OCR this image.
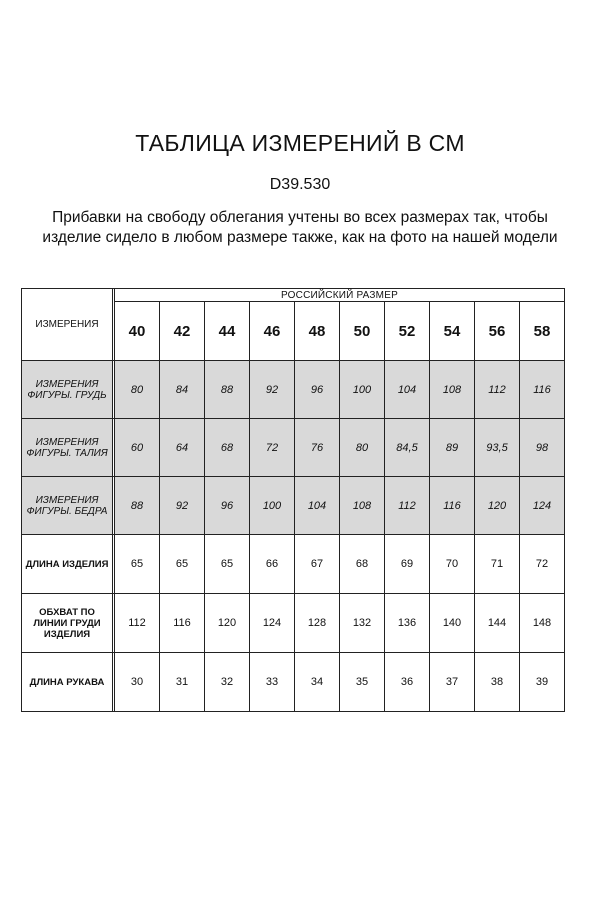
ТАБЛИЦА ИЗМЕРЕНИЙ В СМ
D39.530
Прибавки на свободу облегания учтены во всех размерах так, чтобы
изделие сидело в любом размере также, как на фото на нашей модели
ИЗМЕРЕНИЯ		РОССИЙСКИЙ РАЗМЕР									
		40	42	44	46	48	50	52	54	56	58
ИЗМЕРЕНИЯ ФИГУРЫ. ГРУДЬ		80	84	88	92	96	100	104	108	112	116
ИЗМЕРЕНИЯ ФИГУРЫ. ТАЛИЯ		60	64	68	72	76	80	84,5	89	93,5	98
ИЗМЕРЕНИЯ ФИГУРЫ. БЕДРА		88	92	96	100	104	108	112	116	120	124
ДЛИНА ИЗДЕЛИЯ		65	65	65	66	67	68	69	70	71	72
ОБХВАТ ПО ЛИНИИ ГРУДИ ИЗДЕЛИЯ		112	116	120	124	128	132	136	140	144	148
ДЛИНА РУКАВА		30	31	32	33	34	35	36	37	38	39
